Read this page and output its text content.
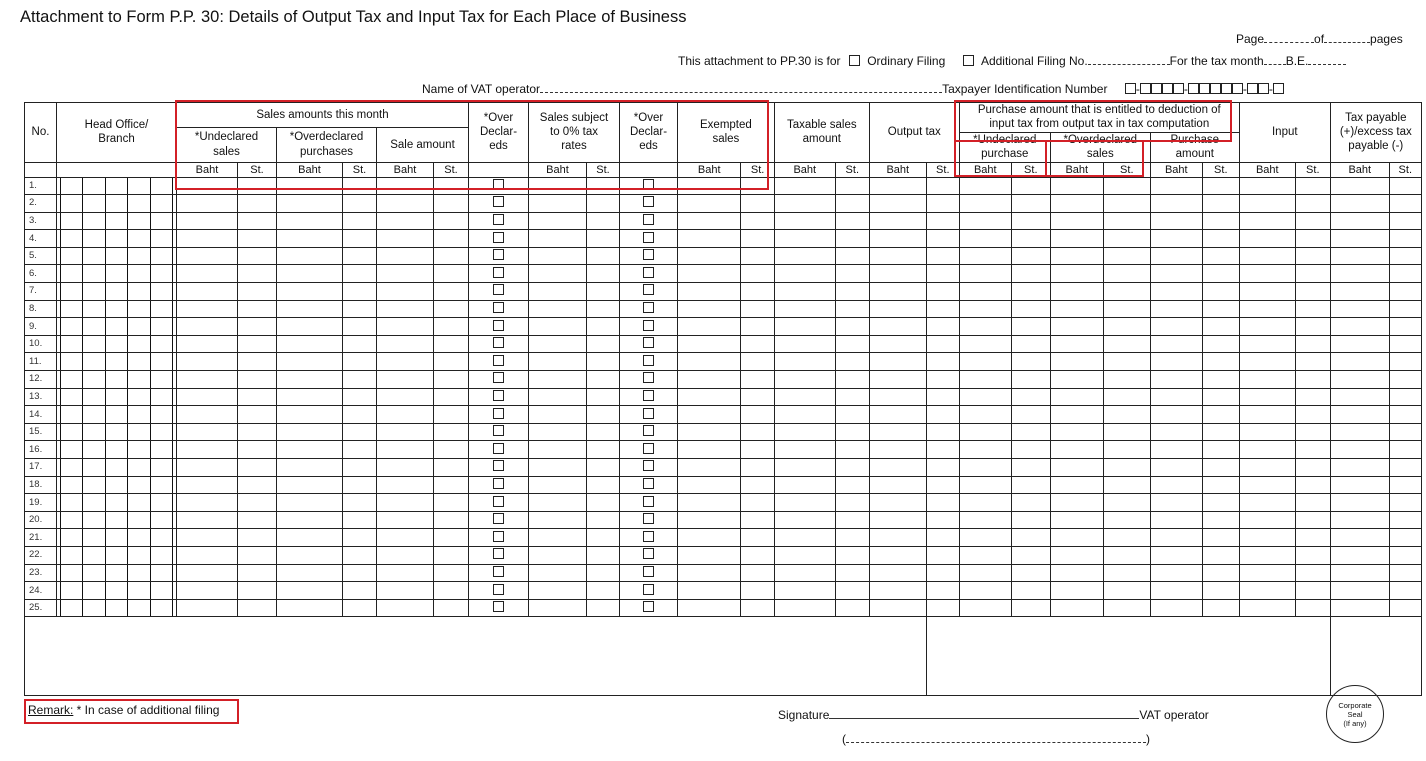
Attachment to Form P.P. 30: Details of Output Tax and Input Tax for Each Place of Business
Page	of	pages
This attachment to PP.30 is for Ordinary Filing	Additional Filing No.	For the tax month B.E.
Name of VAT operator	Taxpayer Identification Number -	-	- -
No.	Head Office/ Branch	Sales amounts this month						*Over Declar- eds	Sales subject to 0% tax rates		*Over Declar- eds	Exempted sales		Taxable sales amount		Output tax		Purchase amount that is entitled to deduction of input tax from output tax in tax computation						Input		Tax payable (+)/excess tax payable (-)	
		*Undeclared sales		*Overdeclared purchases		Sale amount																					
																		*Undeclared purchase		*Overdeclared sales		Purchase amount					
		Baht	St.	Baht	St.	Baht	St.		Baht	St.		Baht	St.	Baht	St.	Baht	St.	Baht	St.	Baht	St.	Baht	St.	Baht	St.	Baht	St.
1.	

2.	

3.	

4.	

5.	

6.	

7.	

8.	

9.	

10.	

11.	

12.	

13.	

14.	

15.	

16.	

17.	

18.	

19.	

20.	

21.	

22.	

23.	

24.	

25.	

Remark: * In case of additional filing	Signature	VAT operator
(	)
Corporate
Seal
(If any)
